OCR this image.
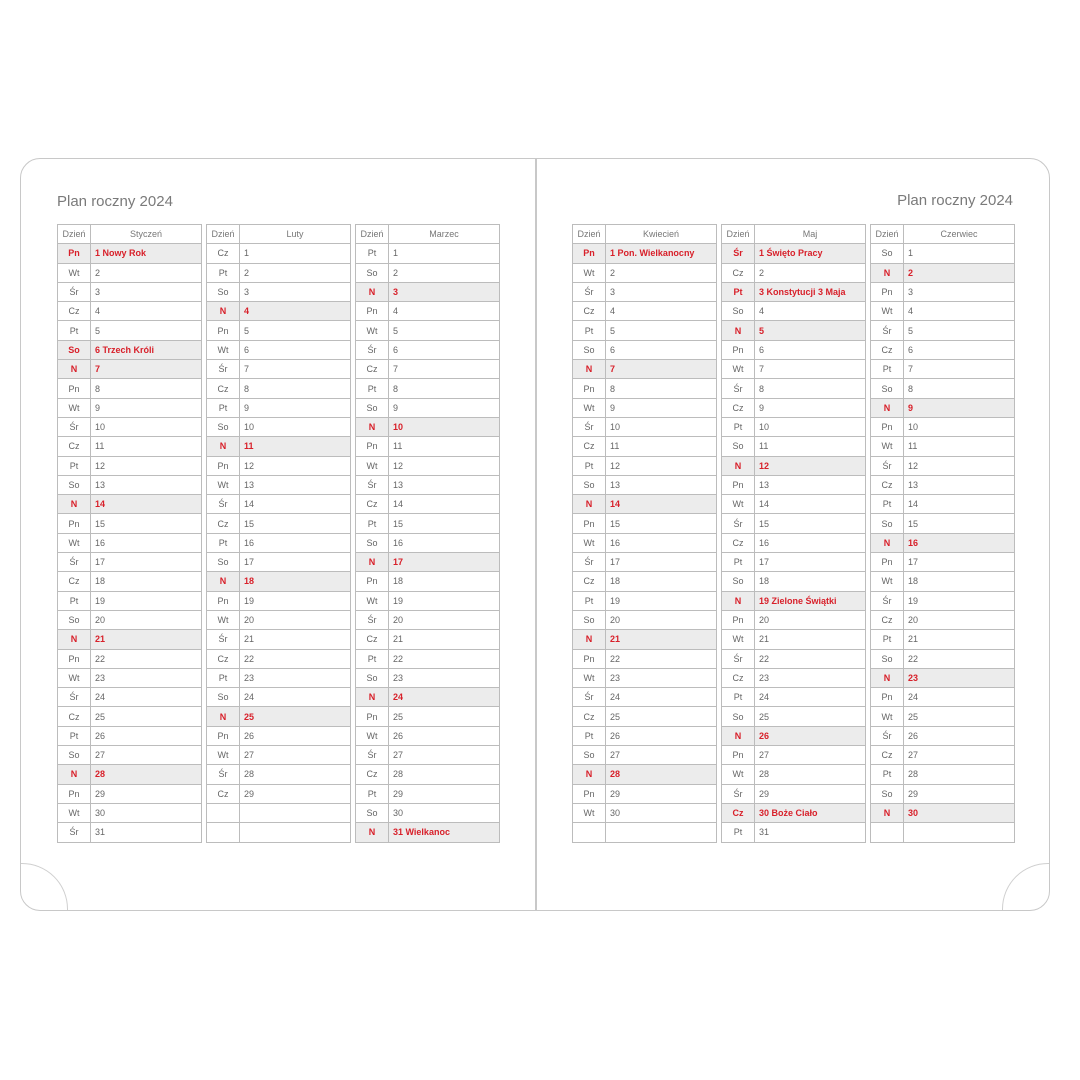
Plan roczny 2024	Plan roczny 2024
Dzień	Styczeń
Pn	1 Nowy Rok
Wt	2
Śr	3
Cz	4
Pt	5
So	6 Trzech Króli
N	7
Pn	8
Wt	9
Śr	10
Cz	11
Pt	12
So	13
N	14
Pn	15
Wt	16
Śr	17
Cz	18
Pt	19
So	20
N	21
Pn	22
Wt	23
Śr	24
Cz	25
Pt	26
So	27
N	28
Pn	29
Wt	30
Śr	31
Dzień	Luty
Cz	1
Pt	2
So	3
N	4
Pn	5
Wt	6
Śr	7
Cz	8
Pt	9
So	10
N	11
Pn	12
Wt	13
Śr	14
Cz	15
Pt	16
So	17
N	18
Pn	19
Wt	20
Śr	21
Cz	22
Pt	23
So	24
N	25
Pn	26
Wt	27
Śr	28
Cz	29

Dzień	Marzec
Pt	1
So	2
N	3
Pn	4
Wt	5
Śr	6
Cz	7
Pt	8
So	9
N	10
Pn	11
Wt	12
Śr	13
Cz	14
Pt	15
So	16
N	17
Pn	18
Wt	19
Śr	20
Cz	21
Pt	22
So	23
N	24
Pn	25
Wt	26
Śr	27
Cz	28
Pt	29
So	30
N	31 Wielkanoc
Dzień	Kwiecień
Pn	1 Pon. Wielkanocny
Wt	2
Śr	3
Cz	4
Pt	5
So	6
N	7
Pn	8
Wt	9
Śr	10
Cz	11
Pt	12
So	13
N	14
Pn	15
Wt	16
Śr	17
Cz	18
Pt	19
So	20
N	21
Pn	22
Wt	23
Śr	24
Cz	25
Pt	26
So	27
N	28
Pn	29
Wt	30

Dzień	Maj
Śr	1 Święto Pracy
Cz	2
Pt	3 Konstytucji 3 Maja
So	4
N	5
Pn	6
Wt	7
Śr	8
Cz	9
Pt	10
So	11
N	12
Pn	13
Wt	14
Śr	15
Cz	16
Pt	17
So	18
N	19 Zielone Świątki
Pn	20
Wt	21
Śr	22
Cz	23
Pt	24
So	25
N	26
Pn	27
Wt	28
Śr	29
Cz	30 Boże Ciało
Pt	31
Dzień	Czerwiec
So	1
N	2
Pn	3
Wt	4
Śr	5
Cz	6
Pt	7
So	8
N	9
Pn	10
Wt	11
Śr	12
Cz	13
Pt	14
So	15
N	16
Pn	17
Wt	18
Śr	19
Cz	20
Pt	21
So	22
N	23
Pn	24
Wt	25
Śr	26
Cz	27
Pt	28
So	29
N	30
